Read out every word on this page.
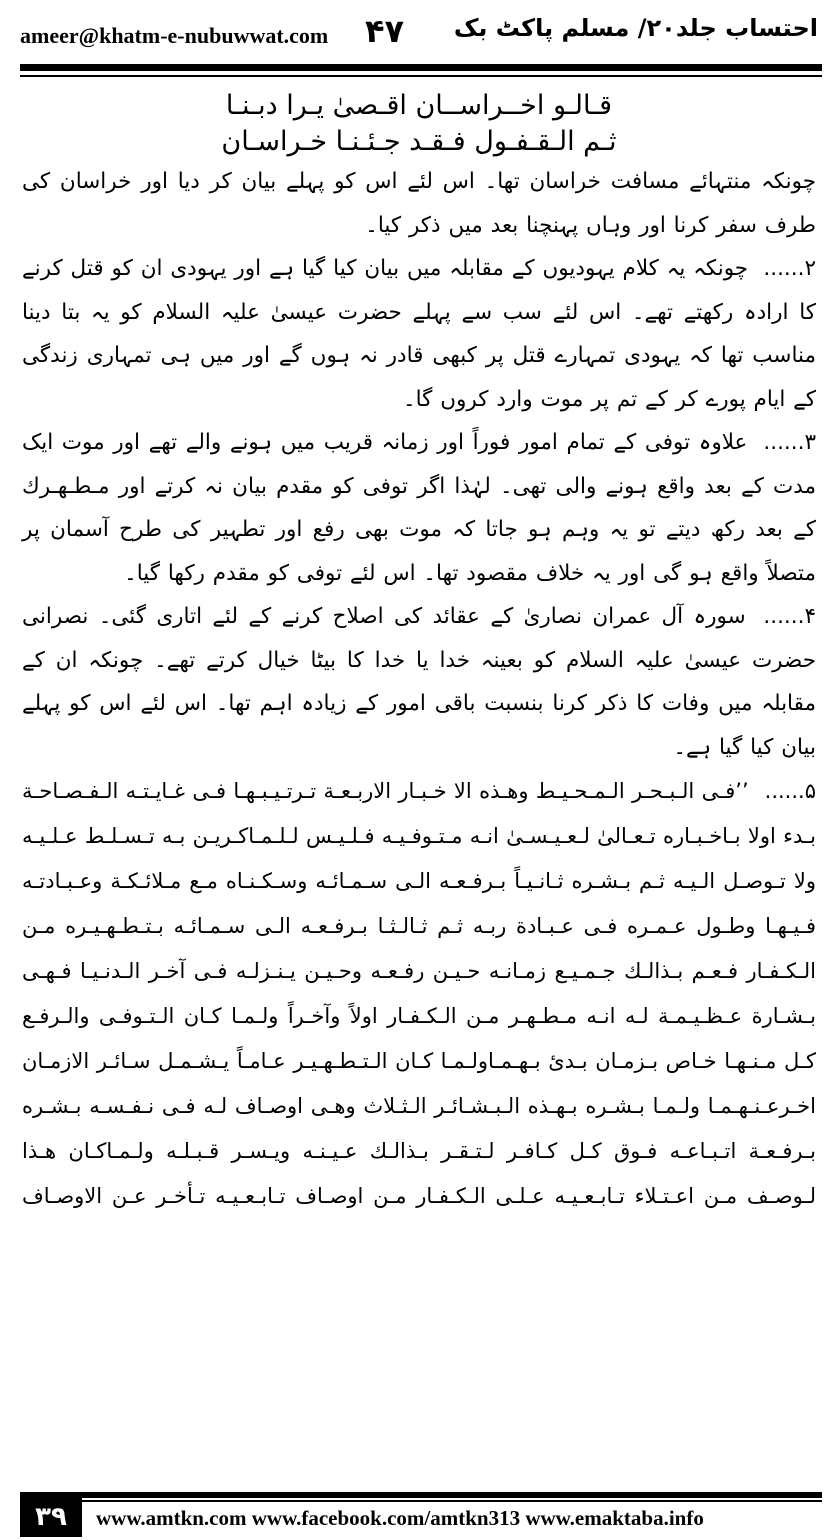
ameer@khatm-e-nubuwwat.com ۴۷ احتساب جلد۲۰/ مسلم پاکٹ بک
قـالـو اخــراســان اقـصیٰ یـرا دبـنـا
ثـم الـقـفـول فـقـد جـئـنـا خـراسـان

چونکہ منتہائے مسافت خراسان تھا۔ اس لئے اس کو پہلے بیان کر دیا اور خراسان کی طرف سفر کرنا اور وہاں پہنچنا بعد میں ذکر کیا۔

۲...... چونکہ یہ کلام یہودیوں کے مقابلہ میں بیان کیا گیا ہے اور یہودی ان کو قتل کرنے کا ارادہ رکھتے تھے۔ اس لئے سب سے پہلے حضرت عیسیٰ علیہ السلام کو یہ بتا دینا مناسب تھا کہ یہودی تمہارے قتل پر کبھی قادر نہ ہوں گے اور میں ہی تمہاری زندگی کے ایام پورے کر کے تم پر موت وارد کروں گا۔

۳...... علاوہ توفی کے تمام امور فوراً اور زمانہ قریب میں ہونے والے تھے اور موت ایک مدت کے بعد واقع ہونے والی تھی۔ لہٰذا اگر توفی کو مقدم بیان نہ کرتے اور مـطـهـرك کے بعد رکھ دیتے تو یہ وہم ہو جاتا کہ موت بھی رفع اور تطہیر کی طرح آسمان پر متصلاً واقع ہو گی اور یہ خلاف مقصود تھا۔ اس لئے توفی کو مقدم رکھا گیا۔

۴...... سورہ آل عمران نصاریٰ کے عقائد کی اصلاح کرنے کے لئے اتاری گئی۔ نصرانی حضرت عیسیٰ علیہ السلام کو بعینہ خدا یا خدا کا بیٹا خیال کرتے تھے۔ چونکہ ان کے مقابلہ میں وفات کا ذکر کرنا بنسبت باقی امور کے زیادہ اہم تھا۔ اس لئے اس کو پہلے بیان کیا گیا ہے۔

۵...... ’’فـی الـبـحـر الـمـحـیـط وهـذه الا خـبـار الاربـعـة تـرتـیـبـهـا فـی غـایـتـه الـفـصـاحـة بـدء اولا بـاخـبـاره تـعـالیٰ لـعـیـسـیٰ انـه مـتـوفـیـه فـلـیـس لـلـمـاکـریـن بـه تـسـلـط عـلـیـه ولا تـوصـل الـیـه ثـم بـشـره ثـانـیـاً بـرفـعـه الـی سـمـائـه وسـکـنـاه مـع مـلائـکـة وعـبـادتـه فـیـهـا وطـول عـمـره فـی عـبـادة ربـه ثـم ثـالـثـا بـرفـعـه الـی سـمـائـه بـتـطـهـیـره مـن الـکـفـار فـعـم بـذالـك جـمـیـع زمـانـه حـیـن رفـعـه وحـیـن یـنـزلـه فـی آخـر الـدنـیـا فـهـی بـشـارة عـظـیـمـة لـه انـه مـطـهـر مـن الـکـفـار اولاً وآخـراً ولـمـا کـان الـتـوفـی والـرفـع کـل مـنـهـا خـاص بـزمـان بـدئ بـهـمـاولـمـا کـان الـتـطـهـیـر عـامـاً یـشـمـل سـائـر الازمـان اخـرعـنـهـمـا ولـمـا بـشـره بـهـذه الـبـشـائـر الـثـلاث وهـی اوصـاف لـه فـی نـفـسـه بـشـره بـرفـعـة اتـبـاعـه فـوق کـل کـافـر لـتـقـر بـذالـك عـیـنـه ویـسـر قـبـلـه ولـمـاکـان هـذا لـوصـف مـن اعـتـلاء تـابـعـیـه عـلـی الـکـفـار مـن اوصـاف تـابـعـیـه تـأخـر عـن الاوصـاف

۳۹	www.amtkn.com www.facebook.com/amtkn313 www.emaktaba.info
